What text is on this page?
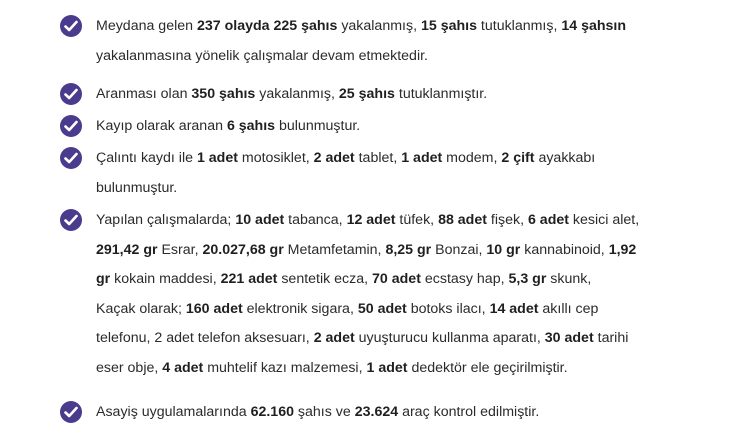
Meydana gelen 237 olayda 225 şahıs yakalanmış, 15 şahıs tutuklanmış, 14 şahsın
yakalanmasına yönelik çalışmalar devam etmektedir.
Aranması olan 350 şahıs yakalanmış, 25 şahıs tutuklanmıştır.
Kayıp olarak aranan 6 şahıs bulunmuştur.
Çalıntı kaydı ile 1 adet motosiklet, 2 adet tablet, 1 adet modem, 2 çift ayakkabı
bulunmuştur.
Yapılan çalışmalarda; 10 adet tabanca, 12 adet tüfek, 88 adet fişek, 6 adet kesici alet,
291,42 gr Esrar, 20.027,68 gr Metamfetamin, 8,25 gr Bonzai, 10 gr kannabinoid, 1,92
gr kokain maddesi, 221 adet sentetik ecza, 70 adet ecstasy hap, 5,3 gr skunk,
Kaçak olarak; 160 adet elektronik sigara, 50 adet botoks ilacı, 14 adet akıllı cep
telefonu, 2 adet telefon aksesuarı, 2 adet uyuşturucu kullanma aparatı, 30 adet tarihi
eser obje, 4 adet muhtelif kazı malzemesi, 1 adet dedektör ele geçirilmiştir.
Asayiş uygulamalarında 62.160 şahıs ve 23.624 araç kontrol edilmiştir.
